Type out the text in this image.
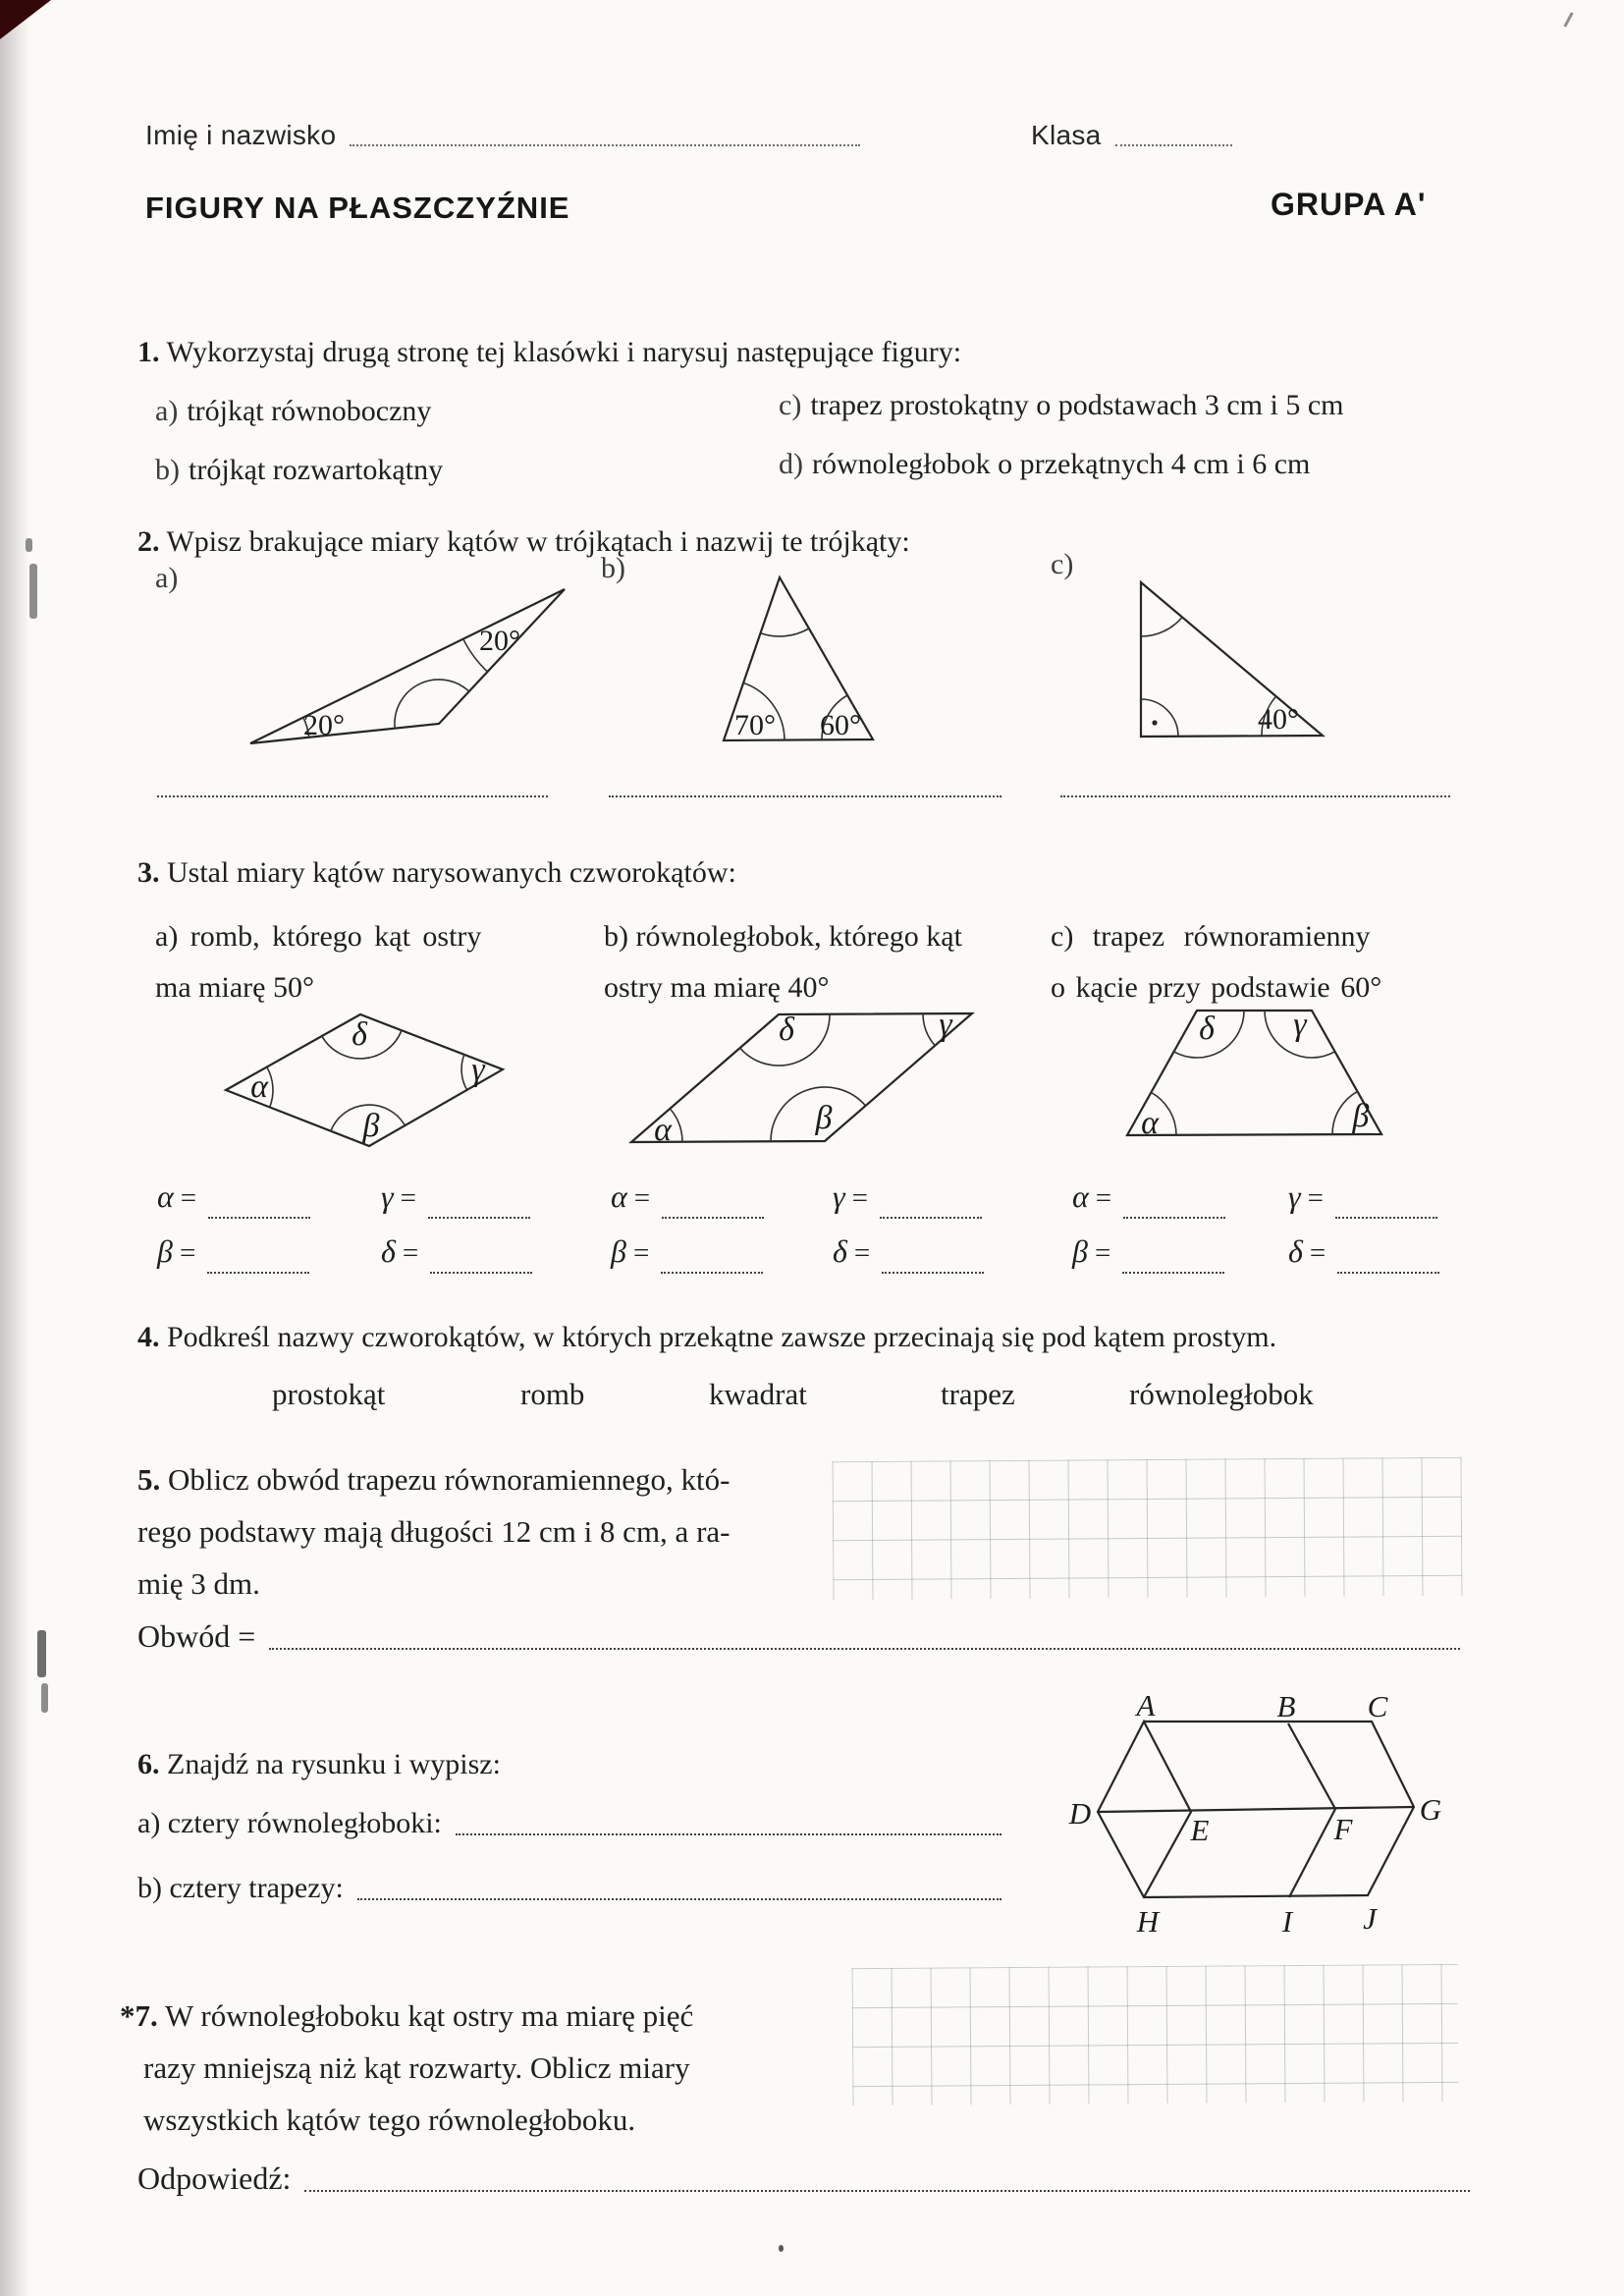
Imię i nazwisko	Klasa
FIGURY NA PŁASZCZYŹNIE	GRUPA A'
1. Wykorzystaj drugą stronę tej klasówki i narysuj następujące figury:
a) trójkąt równoboczny
b) trójkąt rozwartokątny
c) trapez prostokątny o podstawach 3 cm i 5 cm
d) równoległobok o przekątnych 4 cm i 6 cm
2. Wpisz brakujące miary kątów w trójkątach i nazwij te trójkąty:
a)	b)	c)
3. Ustal miary kątów narysowanych czworokątów:
a) romb, którego kąt ostry
ma miarę 50°
b) równoległobok, którego kąt
ostry ma miarę 40°
c) trapez równoramienny
o kącie przy podstawie 60°
α =	γ =	α =	γ =	α =	γ =
β =	δ =	β =	δ =	β =	δ =
4. Podkreśl nazwy czworokątów, w których przekątne zawsze przecinają się pod kątem prostym.
prostokąt	romb	kwadrat	trapez	równoległobok
5. Oblicz obwód trapezu równoramiennego, któ-
rego podstawy mają długości 12 cm i 8 cm, a ra-
mię 3 dm.
Obwód =
6. Znajdź na rysunku i wypisz:
a) cztery równoległoboki:
b) cztery trapezy:
*7. W równoległoboku kąt ostry ma miarę pięć
razy mniejszą niż kąt rozwarty. Oblicz miary
wszystkich kątów tego równoległoboku.
Odpowiedź:
20°
20°
70° 60°	40°
α
δ
γ
β	α	β
γ
δ
α	β
γ
δ
A	B C
D	E	F
G
H	I J
